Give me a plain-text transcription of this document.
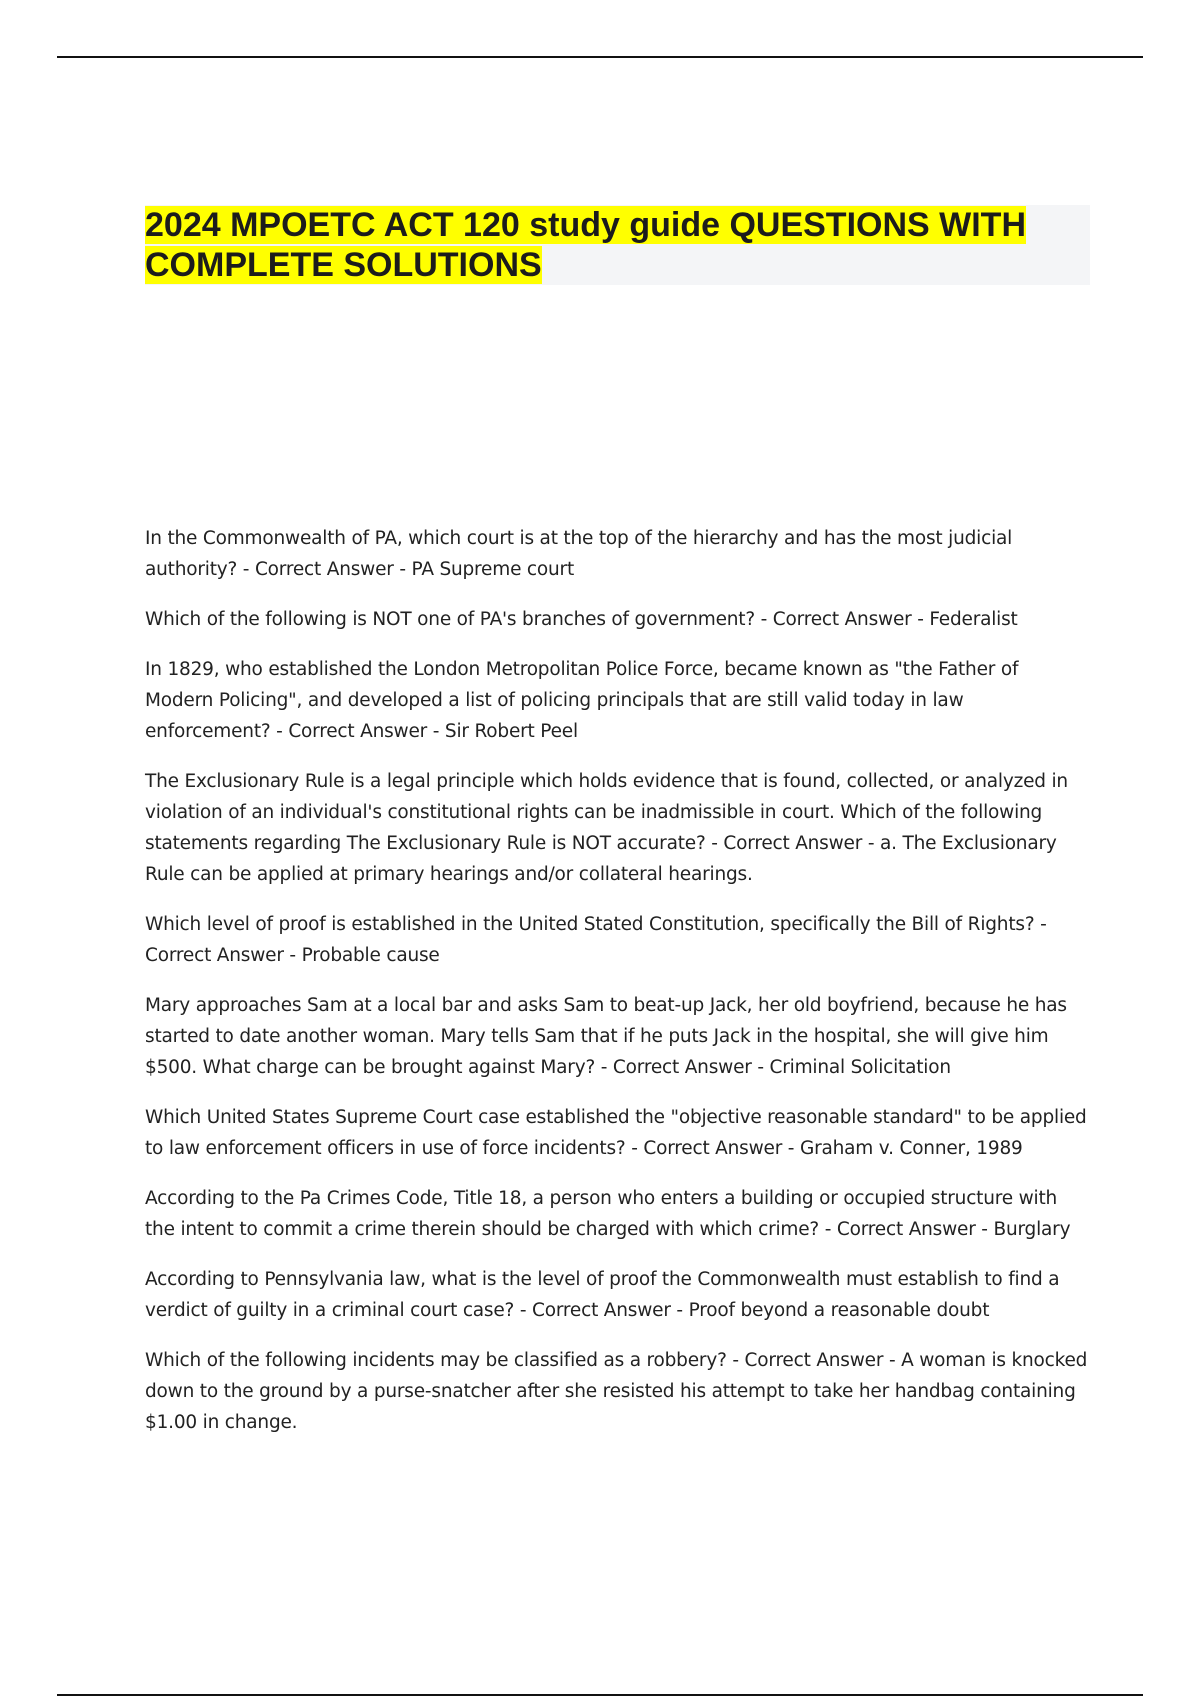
2024 MPOETC ACT 120 study guide QUESTIONS WITH COMPLETE SOLUTIONS
In the Commonwealth of PA, which court is at the top of the hierarchy and has the most judicial authority? - Correct Answer - PA Supreme court
Which of the following is NOT one of PA's branches of government? - Correct Answer - Federalist
In 1829, who established the London Metropolitan Police Force, became known as "the Father of Modern Policing", and developed a list of policing principals that are still valid today in law enforcement? - Correct Answer - Sir Robert Peel
The Exclusionary Rule is a legal principle which holds evidence that is found, collected, or analyzed in violation of an individual's constitutional rights can be inadmissible in court. Which of the following statements regarding The Exclusionary Rule is NOT accurate? - Correct Answer - a. The Exclusionary Rule can be applied at primary hearings and/or collateral hearings.
Which level of proof is established in the United Stated Constitution, specifically the Bill of Rights? - Correct Answer - Probable cause
Mary approaches Sam at a local bar and asks Sam to beat-up Jack, her old boyfriend, because he has started to date another woman. Mary tells Sam that if he puts Jack in the hospital, she will give him $500. What charge can be brought against Mary? - Correct Answer - Criminal Solicitation
Which United States Supreme Court case established the "objective reasonable standard" to be applied to law enforcement officers in use of force incidents? - Correct Answer - Graham v. Conner, 1989
According to the Pa Crimes Code, Title 18, a person who enters a building or occupied structure with the intent to commit a crime therein should be charged with which crime? - Correct Answer - Burglary
According to Pennsylvania law, what is the level of proof the Commonwealth must establish to find a verdict of guilty in a criminal court case? - Correct Answer - Proof beyond a reasonable doubt
Which of the following incidents may be classified as a robbery? - Correct Answer - A woman is knocked down to the ground by a purse-snatcher after she resisted his attempt to take her handbag containing $1.00 in change.
